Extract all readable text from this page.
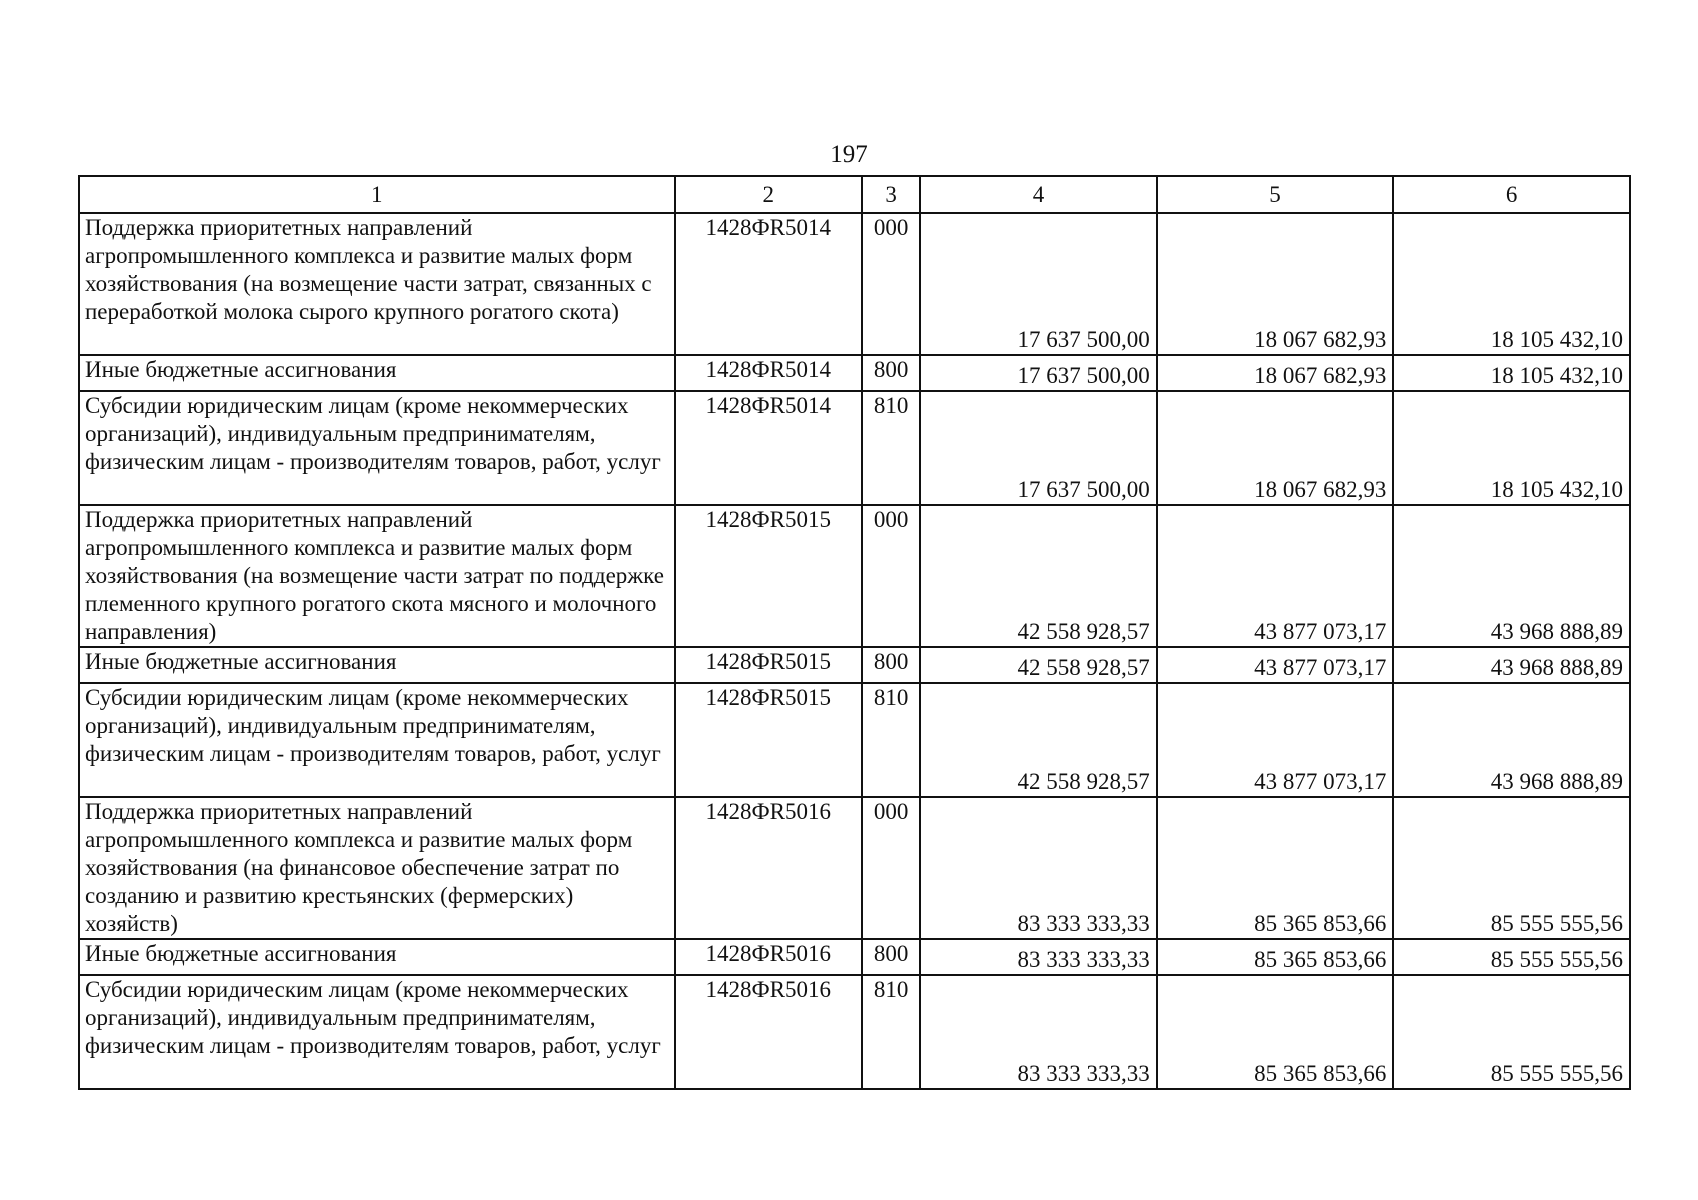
197
1	2	3	4	5	6
Поддержка приоритетных направлений агропромышленного комплекса и развитие малых форм хозяйствования (на возмещение части затрат, связанных с переработкой молока сырого крупного рогатого скота)	1428ФR5014	000	17 637 500,00	18 067 682,93	18 105 432,10
Иные бюджетные ассигнования	1428ФR5014	800	17 637 500,00	18 067 682,93	18 105 432,10
Субсидии юридическим лицам (кроме некоммерческих организаций), индивидуальным предпринимателям, физическим лицам - производителям товаров, работ, услуг	1428ФR5014	810	17 637 500,00	18 067 682,93	18 105 432,10
Поддержка приоритетных направлений агропромышленного комплекса и развитие малых форм хозяйствования (на возмещение части затрат по поддержке племенного крупного рогатого скота мясного и молочного направления)	1428ФR5015	000	42 558 928,57	43 877 073,17	43 968 888,89
Иные бюджетные ассигнования	1428ФR5015	800	42 558 928,57	43 877 073,17	43 968 888,89
Субсидии юридическим лицам (кроме некоммерческих организаций), индивидуальным предпринимателям, физическим лицам - производителям товаров, работ, услуг	1428ФR5015	810	42 558 928,57	43 877 073,17	43 968 888,89
Поддержка приоритетных направлений агропромышленного комплекса и развитие малых форм хозяйствования (на финансовое обеспечение затрат по созданию и развитию крестьянских (фермерских) хозяйств)	1428ФR5016	000	83 333 333,33	85 365 853,66	85 555 555,56
Иные бюджетные ассигнования	1428ФR5016	800	83 333 333,33	85 365 853,66	85 555 555,56
Субсидии юридическим лицам (кроме некоммерческих организаций), индивидуальным предпринимателям, физическим лицам - производителям товаров, работ, услуг	1428ФR5016	810	83 333 333,33	85 365 853,66	85 555 555,56
